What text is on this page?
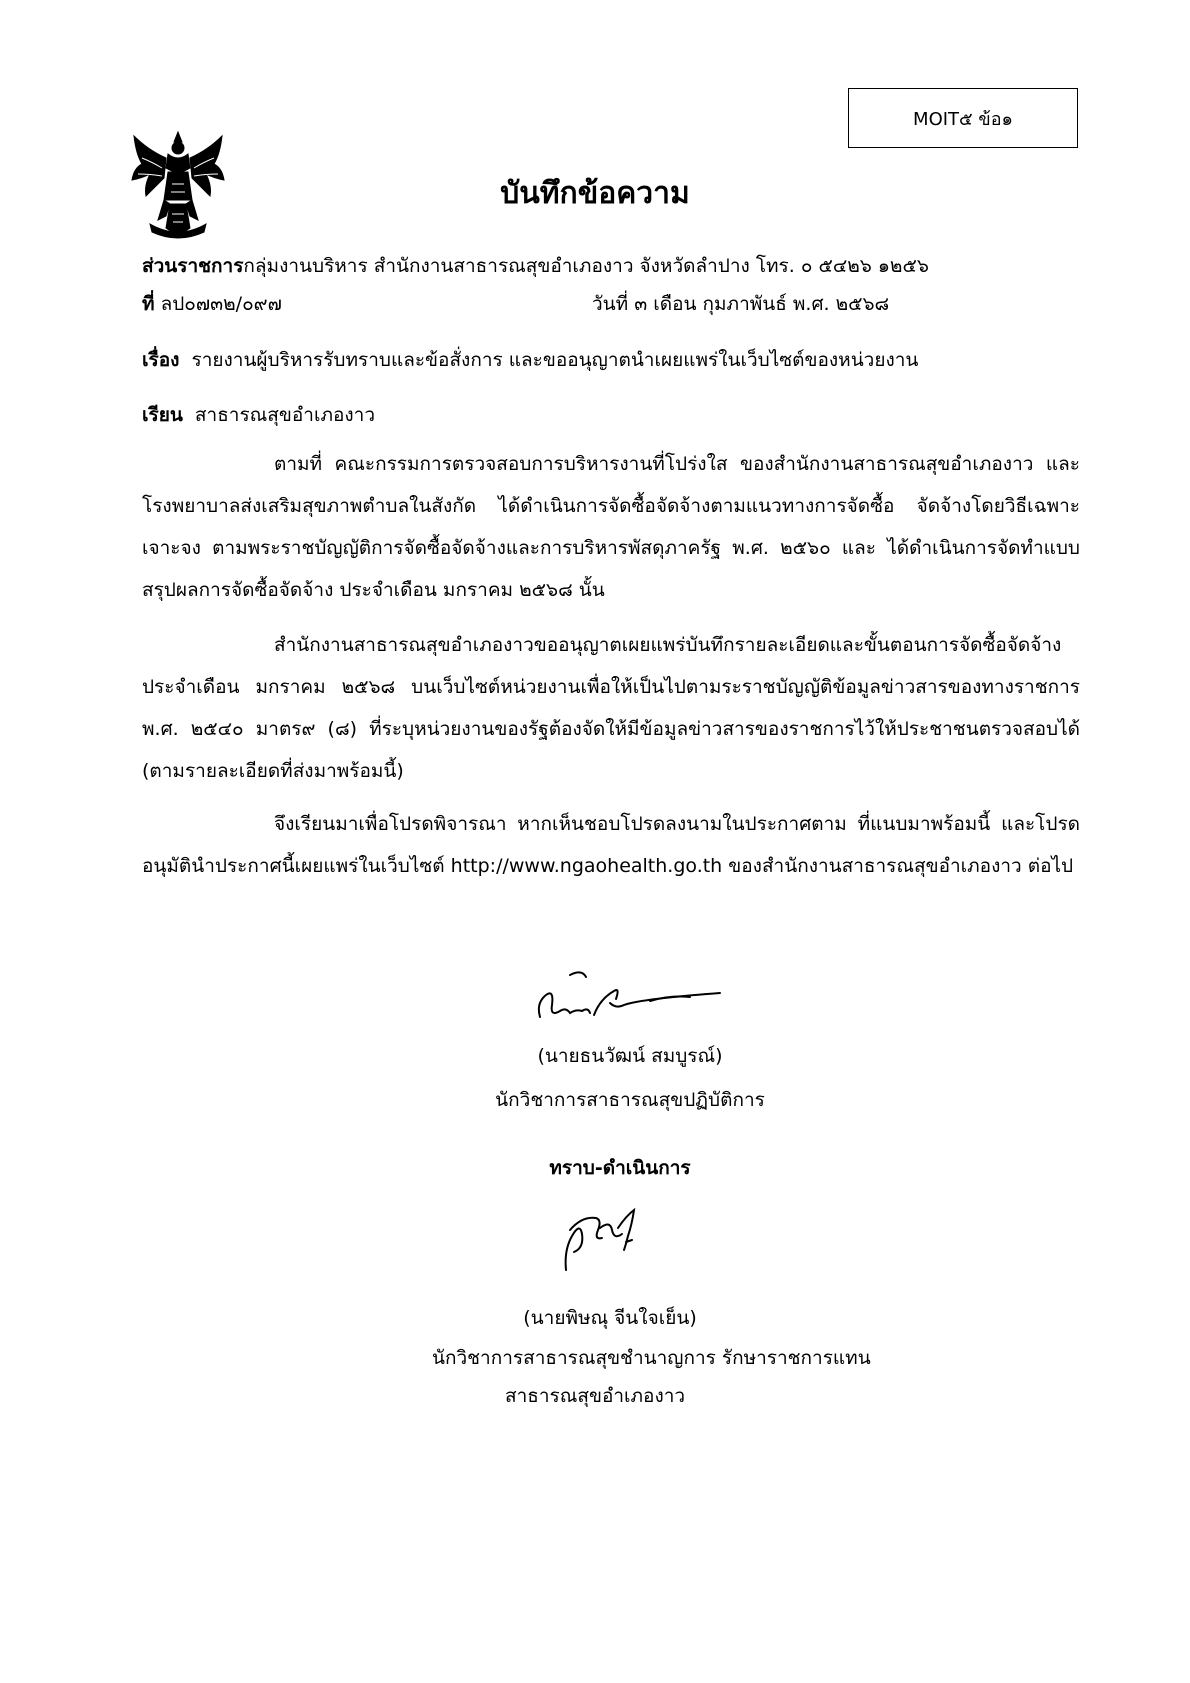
MOIT๕ ข้อ๑
บันทึกข้อความ
ส่วนราชการกลุ่มงานบริหาร สำนักงานสาธารณสุขอำเภองาว จังหวัดลำปาง โทร. ๐ ๕๔๒๖ ๑๒๕๖
ที่ ลป๐๗๓๒/๐๙๗	วันที่ ๓ เดือน กุมภาพันธ์ พ.ศ. ๒๕๖๘
เรื่อง รายงานผู้บริหารรับทราบและข้อสั่งการ และขออนุญาตนำเผยแพร่ในเว็บไซต์ของหน่วยงาน
เรียน สาธารณสุขอำเภองาว
ตามที่ คณะกรรมการตรวจสอบการบริหารงานที่โปร่งใส ของสำนักงานสาธารณสุขอำเภองาว และโรงพยาบาลส่งเสริมสุขภาพตำบลในสังกัด ได้ดำเนินการจัดซื้อจัดจ้างตามแนวทางการจัดซื้อ จัดจ้างโดยวิธีเฉพาะเจาะจง ตามพระราชบัญญัติการจัดซื้อจัดจ้างและการบริหารพัสดุภาครัฐ พ.ศ. ๒๕๖๐ และ ได้ดำเนินการจัดทำแบบสรุปผลการจัดซื้อจัดจ้าง ประจำเดือน มกราคม ๒๕๖๘ นั้น
สำนักงานสาธารณสุขอำเภองาวขออนุญาตเผยแพร่บันทึกรายละเอียดและขั้นตอนการจัดซื้อจัดจ้าง ประจำเดือน มกราคม ๒๕๖๘ บนเว็บไซต์หน่วยงานเพื่อให้เป็นไปตามระราชบัญญัติข้อมูลข่าวสารของทางราชการ พ.ศ. ๒๕๔๐ มาตร๙ (๘) ที่ระบุหน่วยงานของรัฐต้องจัดให้มีข้อมูลข่าวสารของราชการไว้ให้ประชาชนตรวจสอบได้ (ตามรายละเอียดที่ส่งมาพร้อมนี้)
จึงเรียนมาเพื่อโปรดพิจารณา หากเห็นชอบโปรดลงนามในประกาศตาม ที่แนบมาพร้อมนี้ และโปรดอนุมัตินำประกาศนี้เผยแพร่ในเว็บไซต์ http://www.ngaohealth.go.th ของสำนักงานสาธารณสุขอำเภองาว ต่อไป
(นายธนวัฒน์ สมบูรณ์)
นักวิชาการสาธารณสุขปฏิบัติการ
ทราบ-ดำเนินการ
(นายพิษณุ จีนใจเย็น)
นักวิชาการสาธารณสุขชำนาญการ รักษาราชการแทน
สาธารณสุขอำเภองาว
